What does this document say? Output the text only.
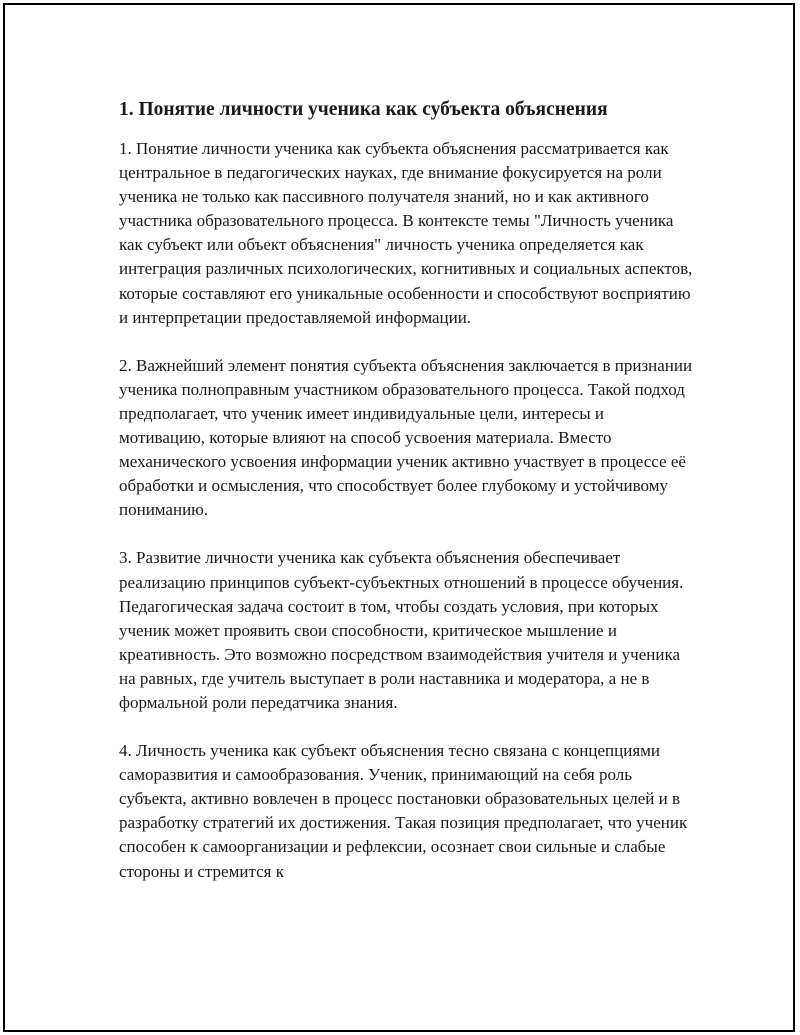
1. Понятие личности ученика как субъекта объяснения

1. Понятие личности ученика как субъекта объяснения рассматривается как центральное в педагогических науках, где внимание фокусируется на роли ученика не только как пассивного получателя знаний, но и как активного участника образовательного процесса. В контексте темы "Личность ученика как субъект или объект объяснения" личность ученика определяется как интеграция различных психологических, когнитивных и социальных аспектов, которые составляют его уникальные особенности и способствуют восприятию и интерпретации предоставляемой информации.

2. Важнейший элемент понятия субъекта объяснения заключается в признании ученика полноправным участником образовательного процесса. Такой подход предполагает, что ученик имеет индивидуальные цели, интересы и мотивацию, которые влияют на способ усвоения материала. Вместо механического усвоения информации ученик активно участвует в процессе её обработки и осмысления, что способствует более глубокому и устойчивому пониманию.

3. Развитие личности ученика как субъекта объяснения обеспечивает реализацию принципов субъект-субъектных отношений в процессе обучения. Педагогическая задача состоит в том, чтобы создать условия, при которых ученик может проявить свои способности, критическое мышление и креативность. Это возможно посредством взаимодействия учителя и ученика на равных, где учитель выступает в роли наставника и модератора, а не в формальной роли передатчика знания.

4. Личность ученика как субъект объяснения тесно связана с концепциями саморазвития и самообразования. Ученик, принимающий на себя роль субъекта, активно вовлечен в процесс постановки образовательных целей и в разработку стратегий их достижения. Такая позиция предполагает, что ученик способен к самоорганизации и рефлексии, осознает свои сильные и слабые стороны и стремится к
